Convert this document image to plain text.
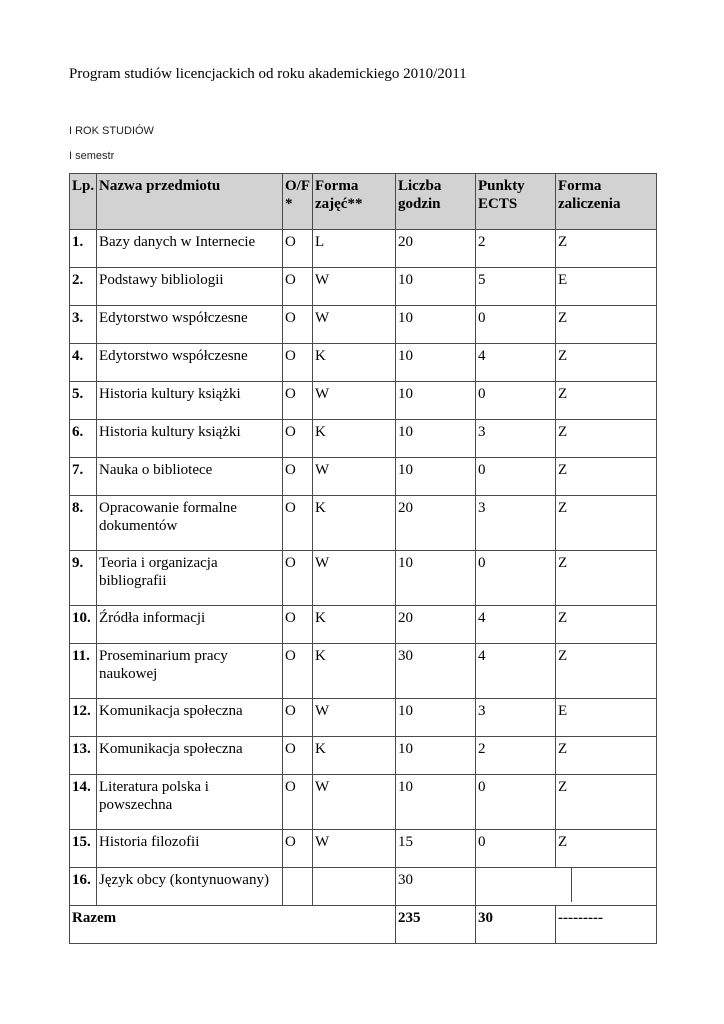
Program studiów licencjackich od roku akademickiego 2010/2011
I ROK STUDIÓW
I semestr
Lp.	Nazwa przedmiotu	O/F *	Forma zajęć**	Liczba godzin	Punkty ECTS	Forma zaliczenia
1.	Bazy danych w Internecie	O	L	20	2	Z
2.	Podstawy bibliologii	O	W	10	5	E
3.	Edytorstwo współczesne	O	W	10	0	Z
4.	Edytorstwo współczesne	O	K	10	4	Z
5.	Historia kultury książki	O	W	10	0	Z
6.	Historia kultury książki	O	K	10	3	Z
7.	Nauka o bibliotece	O	W	10	0	Z
8.	Opracowanie formalne dokumentów	O	K	20	3	Z
9.	Teoria i organizacja bibliografii	O	W	10	0	Z
10.	Źródła informacji	O	K	20	4	Z
11.	Proseminarium pracy naukowej	O	K	30	4	Z
12.	Komunikacja społeczna	O	W	10	3	E
13.	Komunikacja społeczna	O	K	10	2	Z
14.	Literatura polska i powszechna	O	W	10	0	Z
15.	Historia filozofii	O	W	15	0	Z
16.	Język obcy (kontynuowany)			30		

Razem				235	30	---------
